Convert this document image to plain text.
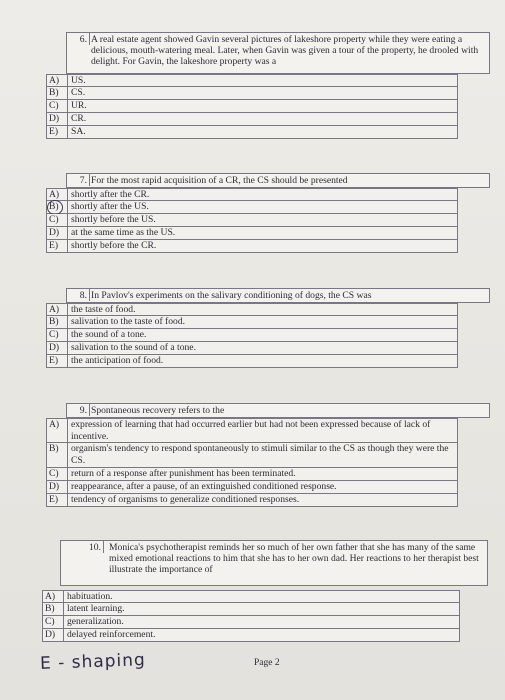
6. A real estate agent showed Gavin several pictures of lakeshore property while they were eating a delicious, mouth-watering meal. Later, when Gavin was given a tour of the property, he drooled with delight. For Gavin, the lakeshore property was a
A)	US.
B)	CS.
C)	UR.
D)	CR.
E)	SA.
7. For the most rapid acquisition of a CR, the CS should be presented
A)	shortly after the CR.
B)	shortly after the US.
C)	shortly before the US.
D)	at the same time as the US.
E)	shortly before the CR.
8. In Pavlov's experiments on the salivary conditioning of dogs, the CS was
A)	the taste of food.
B)	salivation to the taste of food.
C)	the sound of a tone.
D)	salivation to the sound of a tone.
E)	the anticipation of food.
9. Spontaneous recovery refers to the
A)	expression of learning that had occurred earlier but had not been expressed because of lack of incentive.
B)	organism's tendency to respond spontaneously to stimuli similar to the CS as though they were the CS.
C)	return of a response after punishment has been terminated.
D)	reappearance, after a pause, of an extinguished conditioned response.
E)	tendency of organisms to generalize conditioned responses.
10. Monica's psychotherapist reminds her so much of her own father that she has many of the same mixed emotional reactions to him that she has to her own dad. Her reactions to her therapist best illustrate the importance of
A)	habituation.
B)	latent learning.
C)	generalization.
D)	delayed reinforcement.
E - shaping	Page 2
